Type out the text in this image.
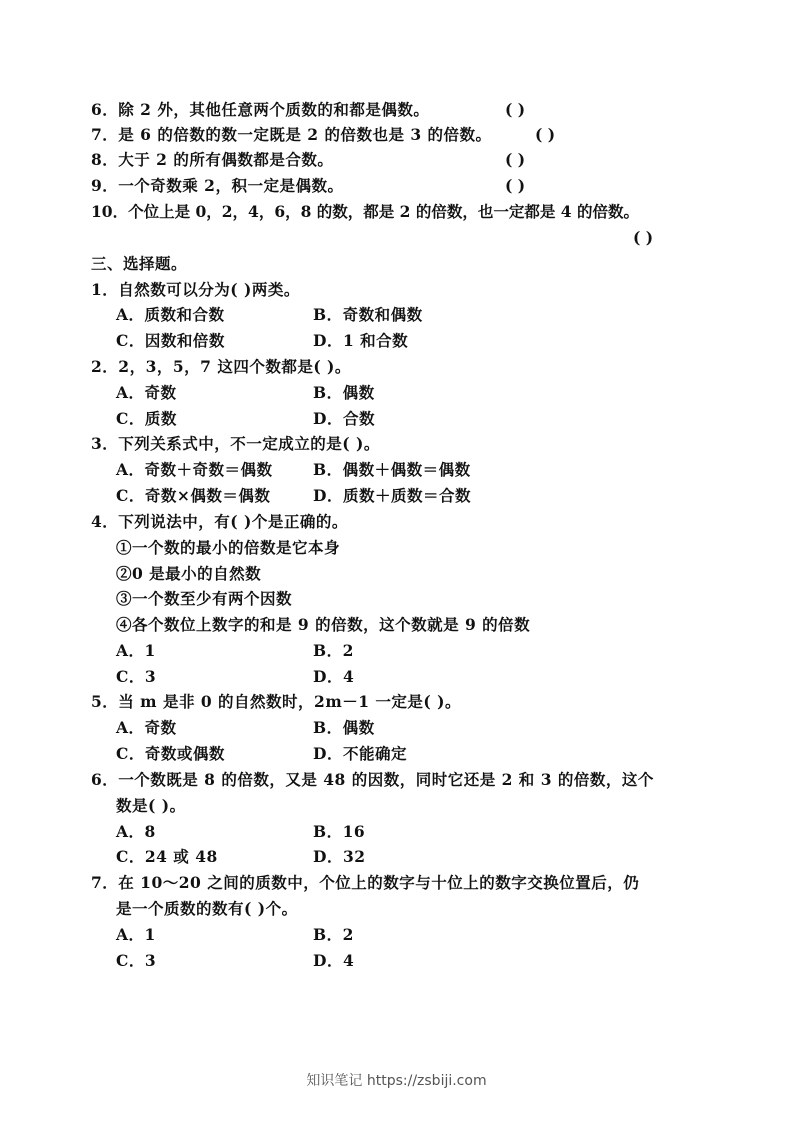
6．除 2 外，其他任意两个质数的和都是偶数。	( )
7．是 6 的倍数的数一定既是 2 的倍数也是 3 的倍数。	( )
8．大于 2 的所有偶数都是合数。	( )
9．一个奇数乘 2，积一定是偶数。	( )
10．个位上是 0，2，4，6，8 的数，都是 2 的倍数，也一定都是 4 的倍数。
( )
三、选择题。
1．自然数可以分为( )两类。
A．质数和合数	B．奇数和偶数
C．因数和倍数	D．1 和合数
2．2，3，5，7 这四个数都是( )。
A．奇数	B．偶数
C．质数	D．合数
3．下列关系式中，不一定成立的是( )。
A．奇数＋奇数＝偶数	B．偶数＋偶数＝偶数
C．奇数×偶数＝偶数	D．质数＋质数＝合数
4．下列说法中，有( )个是正确的。
①一个数的最小的倍数是它本身
②0 是最小的自然数
③一个数至少有两个因数
④各个数位上数字的和是 9 的倍数，这个数就是 9 的倍数
A．1	B．2
C．3	D．4
5．当 m 是非 0 的自然数时，2m－1 一定是( )。
A．奇数	B．偶数
C．奇数或偶数	D．不能确定
6．一个数既是 8 的倍数，又是 48 的因数，同时它还是 2 和 3 的倍数，这个
数是( )。
A．8	B．16
C．24 或 48	D．32
7．在 10～20 之间的质数中，个位上的数字与十位上的数字交换位置后，仍
是一个质数的数有( )个。
A．1	B．2
C．3	D．4
知识笔记 https://zsbiji.com
